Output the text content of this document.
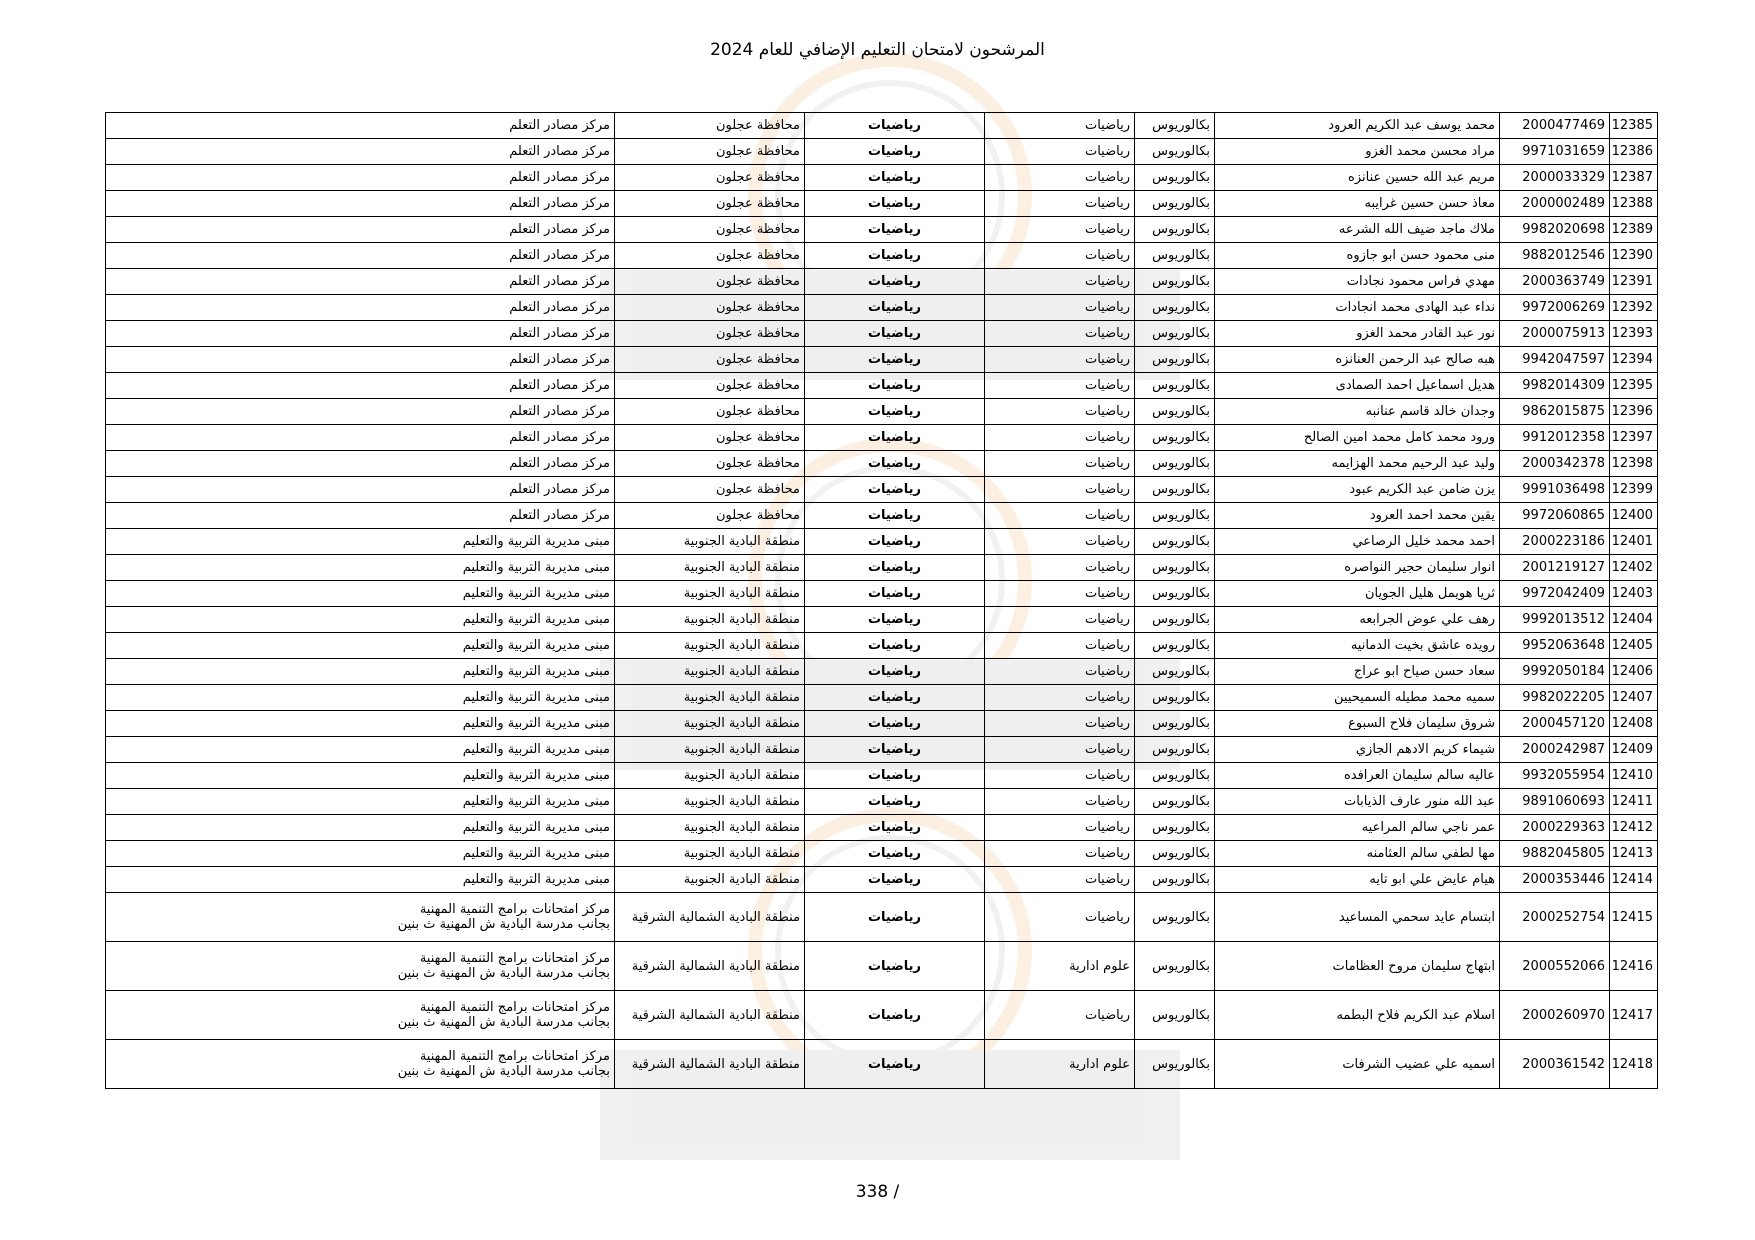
المرشحون لامتحان التعليم الإضافي للعام 2024
12385	2000477469	محمد يوسف عبد الكريم العرود	بكالوريوس	رياضيات	رياضيات	محافظة عجلون	مركز مصادر التعلم

12386	9971031659	مراد محسن محمد الغزو	بكالوريوس	رياضيات	رياضيات	محافظة عجلون	مركز مصادر التعلم

12387	2000033329	مريم عبد الله حسين عنانزه	بكالوريوس	رياضيات	رياضيات	محافظة عجلون	مركز مصادر التعلم

12388	2000002489	معاذ حسن حسين غرايبه	بكالوريوس	رياضيات	رياضيات	محافظة عجلون	مركز مصادر التعلم

12389	9982020698	ملاك ماجد ضيف الله الشرعه	بكالوريوس	رياضيات	رياضيات	محافظة عجلون	مركز مصادر التعلم

12390	9882012546	منى محمود حسن ابو جازوه	بكالوريوس	رياضيات	رياضيات	محافظة عجلون	مركز مصادر التعلم

12391	2000363749	مهدي فراس محمود نجادات	بكالوريوس	رياضيات	رياضيات	محافظة عجلون	مركز مصادر التعلم

12392	9972006269	نداء عبد الهادى محمد انجادات	بكالوريوس	رياضيات	رياضيات	محافظة عجلون	مركز مصادر التعلم

12393	2000075913	نور عبد القادر محمد الغزو	بكالوريوس	رياضيات	رياضيات	محافظة عجلون	مركز مصادر التعلم

12394	9942047597	هبه صالح عبد الرحمن العنانزه	بكالوريوس	رياضيات	رياضيات	محافظة عجلون	مركز مصادر التعلم

12395	9982014309	هديل اسماعيل احمد الصمادى	بكالوريوس	رياضيات	رياضيات	محافظة عجلون	مركز مصادر التعلم

12396	9862015875	وجدان خالد قاسم عنانبه	بكالوريوس	رياضيات	رياضيات	محافظة عجلون	مركز مصادر التعلم

12397	9912012358	ورود محمد كامل محمد امين الصالح	بكالوريوس	رياضيات	رياضيات	محافظة عجلون	مركز مصادر التعلم

12398	2000342378	وليد عبد الرحيم محمد الهزايمه	بكالوريوس	رياضيات	رياضيات	محافظة عجلون	مركز مصادر التعلم

12399	9991036498	يزن ضامن عبد الكريم عبود	بكالوريوس	رياضيات	رياضيات	محافظة عجلون	مركز مصادر التعلم

12400	9972060865	يقين محمد احمد العرود	بكالوريوس	رياضيات	رياضيات	محافظة عجلون	مركز مصادر التعلم

12401	2000223186	احمد محمد خليل الرصاعي	بكالوريوس	رياضيات	رياضيات	منطقة البادية الجنوبية	مبنى مديرية التربية والتعليم

12402	2001219127	انوار سليمان حجير النواصره	بكالوريوس	رياضيات	رياضيات	منطقة البادية الجنوبية	مبنى مديرية التربية والتعليم

12403	9972042409	ثريا هويمل هليل الجويان	بكالوريوس	رياضيات	رياضيات	منطقة البادية الجنوبية	مبنى مديرية التربية والتعليم

12404	9992013512	رهف علي عوض الجرابعه	بكالوريوس	رياضيات	رياضيات	منطقة البادية الجنوبية	مبنى مديرية التربية والتعليم

12405	9952063648	رويده عاشق بخيت الدمانيه	بكالوريوس	رياضيات	رياضيات	منطقة البادية الجنوبية	مبنى مديرية التربية والتعليم

12406	9992050184	سعاد حسن صياح ابو عراج	بكالوريوس	رياضيات	رياضيات	منطقة البادية الجنوبية	مبنى مديرية التربية والتعليم

12407	9982022205	سميه محمد مطيله السميحيين	بكالوريوس	رياضيات	رياضيات	منطقة البادية الجنوبية	مبنى مديرية التربية والتعليم

12408	2000457120	شروق سليمان فلاح السبوع	بكالوريوس	رياضيات	رياضيات	منطقة البادية الجنوبية	مبنى مديرية التربية والتعليم

12409	2000242987	شيماء كريم الادهم الجازي	بكالوريوس	رياضيات	رياضيات	منطقة البادية الجنوبية	مبنى مديرية التربية والتعليم

12410	9932055954	عاليه سالم سليمان العرافده	بكالوريوس	رياضيات	رياضيات	منطقة البادية الجنوبية	مبنى مديرية التربية والتعليم

12411	9891060693	عبد الله منور عارف الذيابات	بكالوريوس	رياضيات	رياضيات	منطقة البادية الجنوبية	مبنى مديرية التربية والتعليم

12412	2000229363	عمر ناجي سالم المراعيه	بكالوريوس	رياضيات	رياضيات	منطقة البادية الجنوبية	مبنى مديرية التربية والتعليم

12413	9882045805	مها لطفي سالم العثامنه	بكالوريوس	رياضيات	رياضيات	منطقة البادية الجنوبية	مبنى مديرية التربية والتعليم

12414	2000353446	هيام عايض علي ابو تايه	بكالوريوس	رياضيات	رياضيات	منطقة البادية الجنوبية	مبنى مديرية التربية والتعليم

12415	2000252754	ابتسام عايد سحمي المساعيد	بكالوريوس	رياضيات	رياضيات	منطقة البادية الشمالية الشرقية	مركز امتحانات برامج التنمية المهنية
بجانب مدرسة البادية ش المهنية ث بنين

12416	2000552066	ابتهاج سليمان مروح العظامات	بكالوريوس	علوم ادارية	رياضيات	منطقة البادية الشمالية الشرقية	مركز امتحانات برامج التنمية المهنية
بجانب مدرسة البادية ش المهنية ث بنين

12417	2000260970	اسلام عبد الكريم فلاح البطمه	بكالوريوس	رياضيات	رياضيات	منطقة البادية الشمالية الشرقية	مركز امتحانات برامج التنمية المهنية
بجانب مدرسة البادية ش المهنية ث بنين

12418	2000361542	اسميه علي عضيب الشرفات	بكالوريوس	علوم ادارية	رياضيات	منطقة البادية الشمالية الشرقية	مركز امتحانات برامج التنمية المهنية
بجانب مدرسة البادية ش المهنية ث بنين
338 /
